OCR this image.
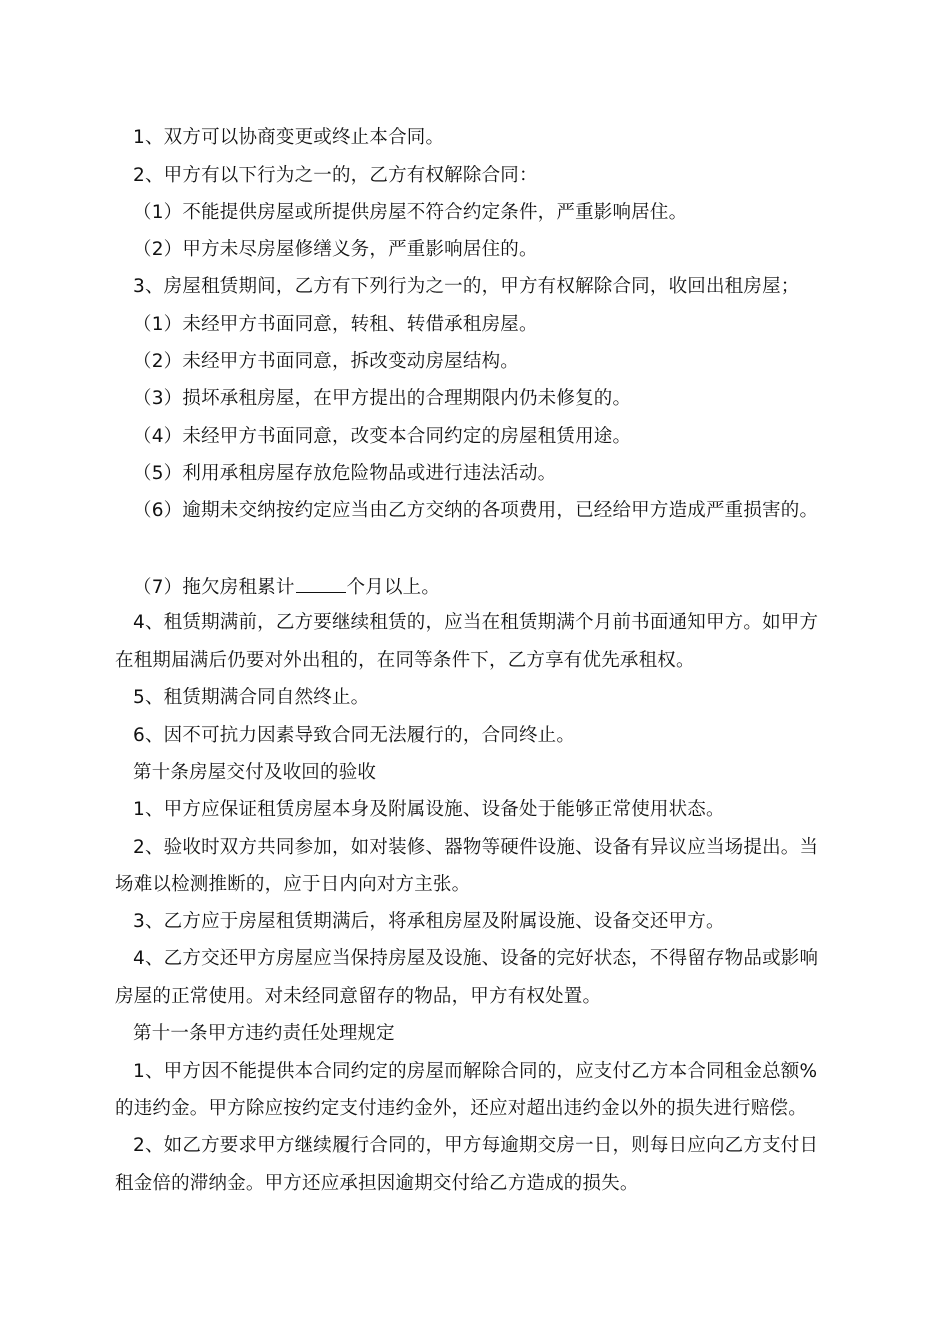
1、双方可以协商变更或终止本合同。
2、甲方有以下行为之一的，乙方有权解除合同：
（1）不能提供房屋或所提供房屋不符合约定条件，严重影响居住。
（2）甲方未尽房屋修缮义务，严重影响居住的。
3、房屋租赁期间，乙方有下列行为之一的，甲方有权解除合同，收回出租房屋；
（1）未经甲方书面同意，转租、转借承租房屋。
（2）未经甲方书面同意，拆改变动房屋结构。
（3）损坏承租房屋，在甲方提出的合理期限内仍未修复的。
（4）未经甲方书面同意，改变本合同约定的房屋租赁用途。
（5）利用承租房屋存放危险物品或进行违法活动。
（6）逾期未交纳按约定应当由乙方交纳的各项费用，已经给甲方造成严重损害的。
（7）拖欠房租累计	个月以上。
4、租赁期满前，乙方要继续租赁的，应当在租赁期满个月前书面通知甲方。如甲方
在租期届满后仍要对外出租的，在同等条件下，乙方享有优先承租权。
5、租赁期满合同自然终止。
6、因不可抗力因素导致合同无法履行的，合同终止。
第十条房屋交付及收回的验收
1、甲方应保证租赁房屋本身及附属设施、设备处于能够正常使用状态。
2、验收时双方共同参加，如对装修、器物等硬件设施、设备有异议应当场提出。当
场难以检测推断的，应于日内向对方主张。
3、乙方应于房屋租赁期满后，将承租房屋及附属设施、设备交还甲方。
4、乙方交还甲方房屋应当保持房屋及设施、设备的完好状态，不得留存物品或影响
房屋的正常使用。对未经同意留存的物品，甲方有权处置。
第十一条甲方违约责任处理规定
1、甲方因不能提供本合同约定的房屋而解除合同的，应支付乙方本合同租金总额%
的违约金。甲方除应按约定支付违约金外，还应对超出违约金以外的损失进行赔偿。
2、如乙方要求甲方继续履行合同的，甲方每逾期交房一日，则每日应向乙方支付日
租金倍的滞纳金。甲方还应承担因逾期交付给乙方造成的损失。
